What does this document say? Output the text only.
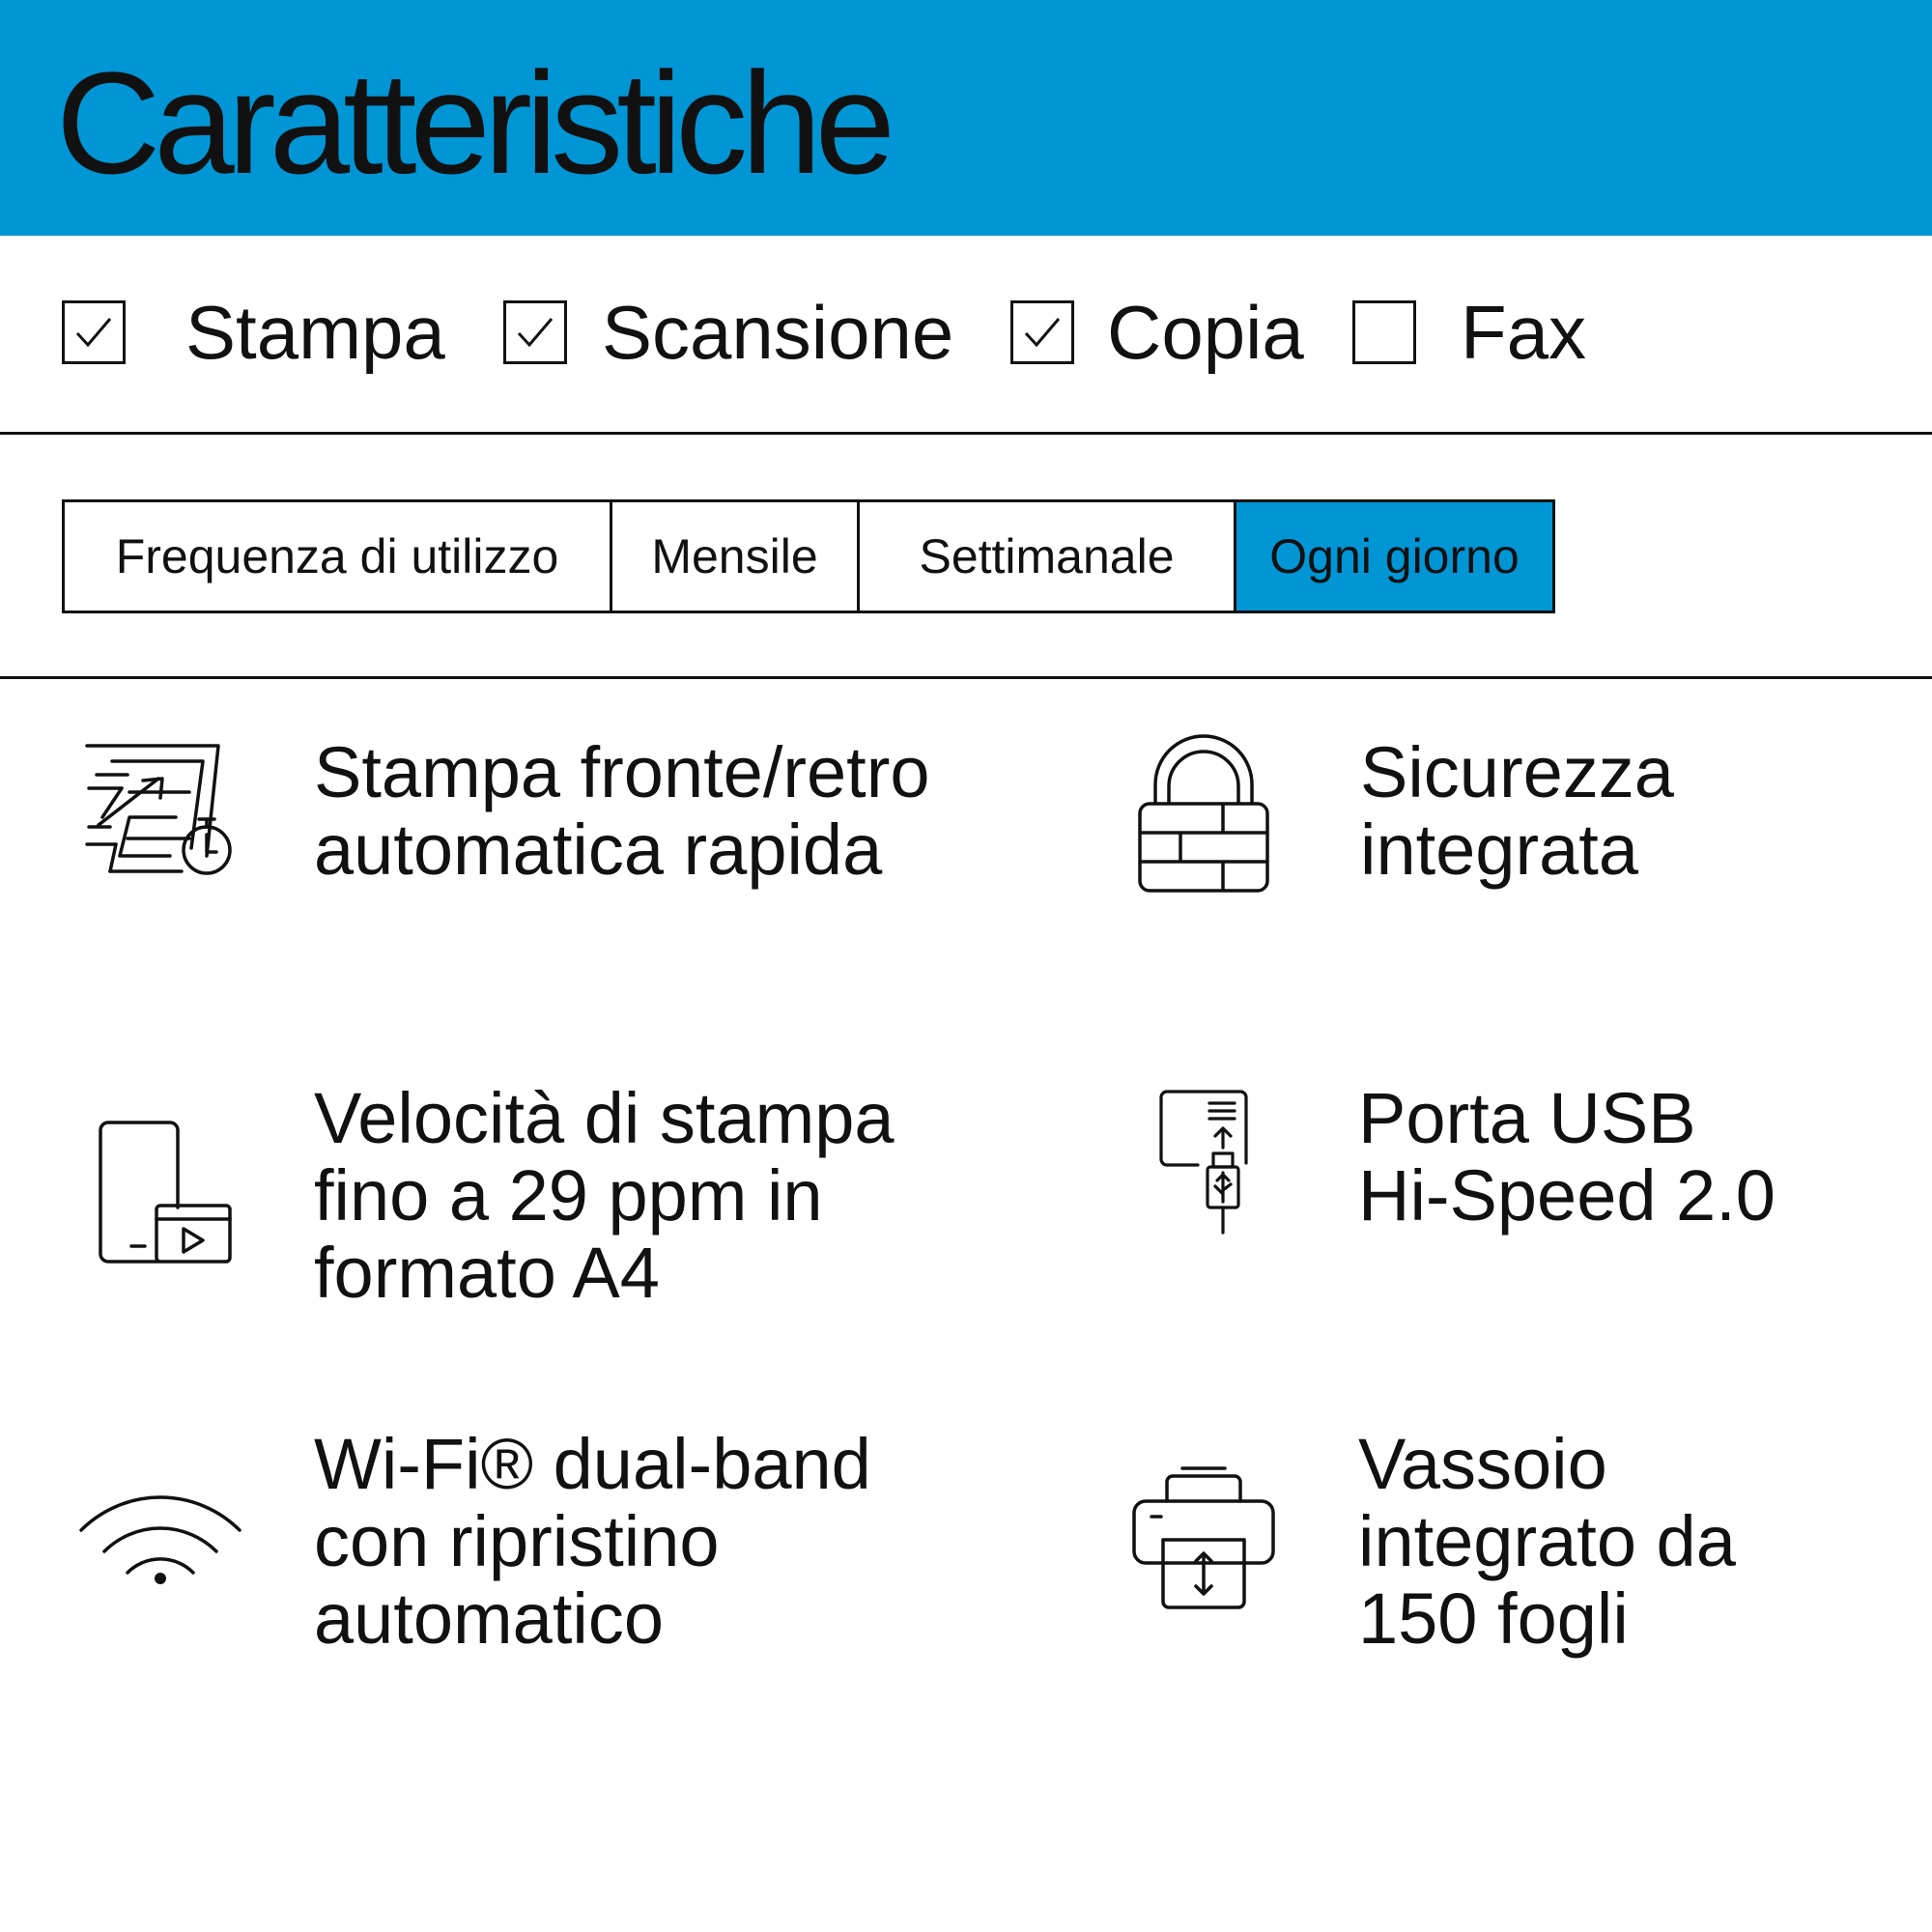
Caratteristiche
Stampa Scansione Copia Fax
Frequenza di utilizzo	Mensile	Settimanale	Ogni giorno
Stampa fronte/retro
automatica rapida
Sicurezza
integrata
Velocità di stampa
fino a 29 ppm in
formato A4
Porta USB
Hi-Speed 2.0
Wi-Fi® dual-band
con ripristino
automatico
Vassoio
integrato da
150 fogli
